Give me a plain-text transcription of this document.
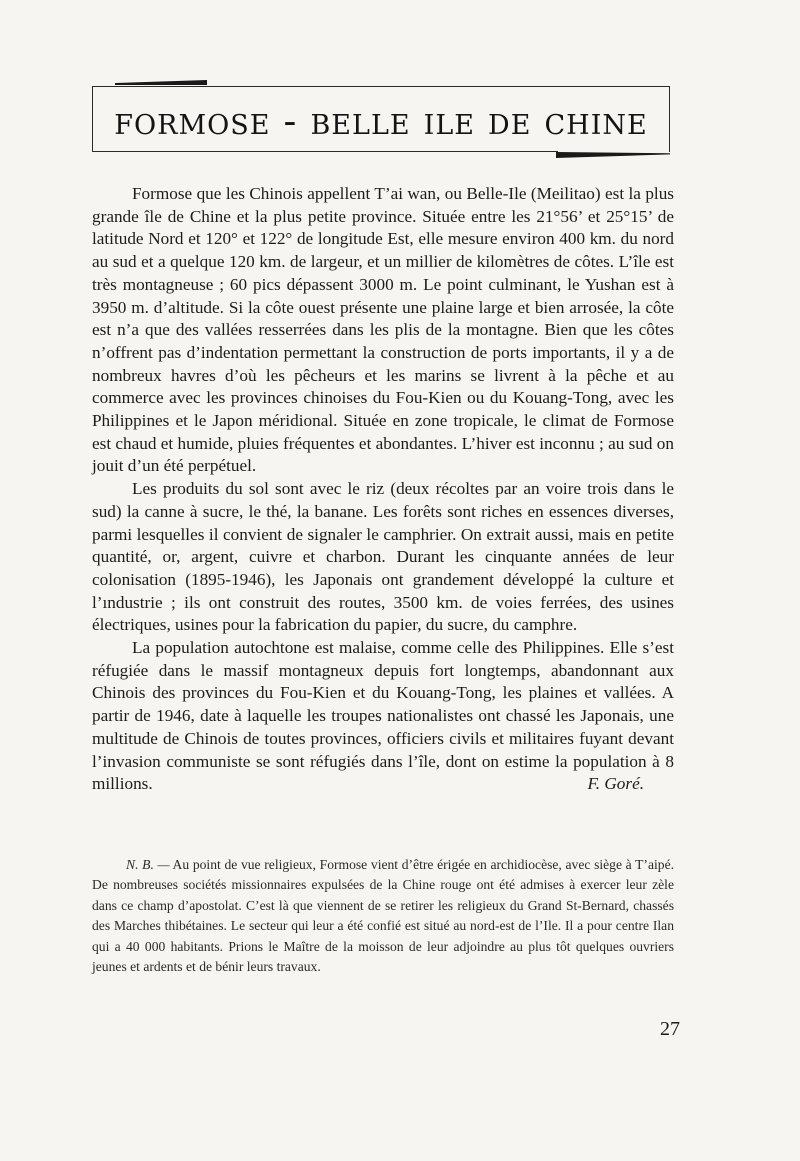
formose - belle ile de chine

Formose que les Chinois appellent T’ai wan, ou Belle-Ile (Meilitao) est la plus grande île de Chine et la plus petite province. Située entre les 21°56’ et 25°15’ de latitude Nord et 120° et 122° de longitude Est, elle mesure environ 400 km. du nord au sud et a quelque 120 km. de largeur, et un millier de kilomètres de côtes. L’île est très montagneuse ; 60 pics dépassent 3000 m. Le point culminant, le Yushan est à 3950 m. d’altitude. Si la côte ouest présente une plaine large et bien arrosée, la côte est n’a que des vallées resserrées dans les plis de la montagne. Bien que les côtes n’offrent pas d’indentation permettant la construction de ports importants, il y a de nombreux havres d’où les pêcheurs et les marins se livrent à la pêche et au commerce avec les provinces chinoises du Fou-Kien ou du Kouang-Tong, avec les Philippines et le Japon méridional. Située en zone tropicale, le climat de Formose est chaud et humide, pluies fréquentes et abondantes. L’hiver est inconnu ; au sud on jouit d’un été perpétuel.

Les produits du sol sont avec le riz (deux récoltes par an voire trois dans le sud) la canne à sucre, le thé, la banane. Les forêts sont riches en essences diverses, parmi lesquelles il convient de signaler le camphrier. On extrait aussi, mais en petite quantité, or, argent, cuivre et charbon. Durant les cinquante années de leur colonisation (1895-1946), les Japonais ont grandement développé la culture et l’ındustrie ; ils ont construit des routes, 3500 km. de voies ferrées, des usines électriques, usines pour la fabrication du papier, du sucre, du camphre.

La population autochtone est malaise, comme celle des Philippines. Elle s’est réfugiée dans le massif montagneux depuis fort longtemps, abandonnant aux Chinois des provinces du Fou-Kien et du Kouang-Tong, les plaines et vallées. A partir de 1946, date à laquelle les troupes nationalistes ont chassé les Japonais, une multitude de Chinois de toutes provinces, officiers civils et militaires fuyant devant l’invasion communiste se sont réfugiés dans l’île, dont on estime la population à 8 millions.	F. Goré.

N. B. — Au point de vue religieux, Formose vient d’être érigée en archidiocèse, avec siège à T’aipé. De nombreuses sociétés missionnaires expulsées de la Chine rouge ont été admises à exercer leur zèle dans ce champ d’apostolat. C’est là que viennent de se retirer les religieux du Grand St-Bernard, chassés des Marches thibétaines. Le secteur qui leur a été confié est situé au nord-est de l’Ile. Il a pour centre Ilan qui a 40 000 habitants. Prions le Maître de la moisson de leur adjoindre au plus tôt quelques ouvriers jeunes et ardents et de bénir leurs travaux.
27
